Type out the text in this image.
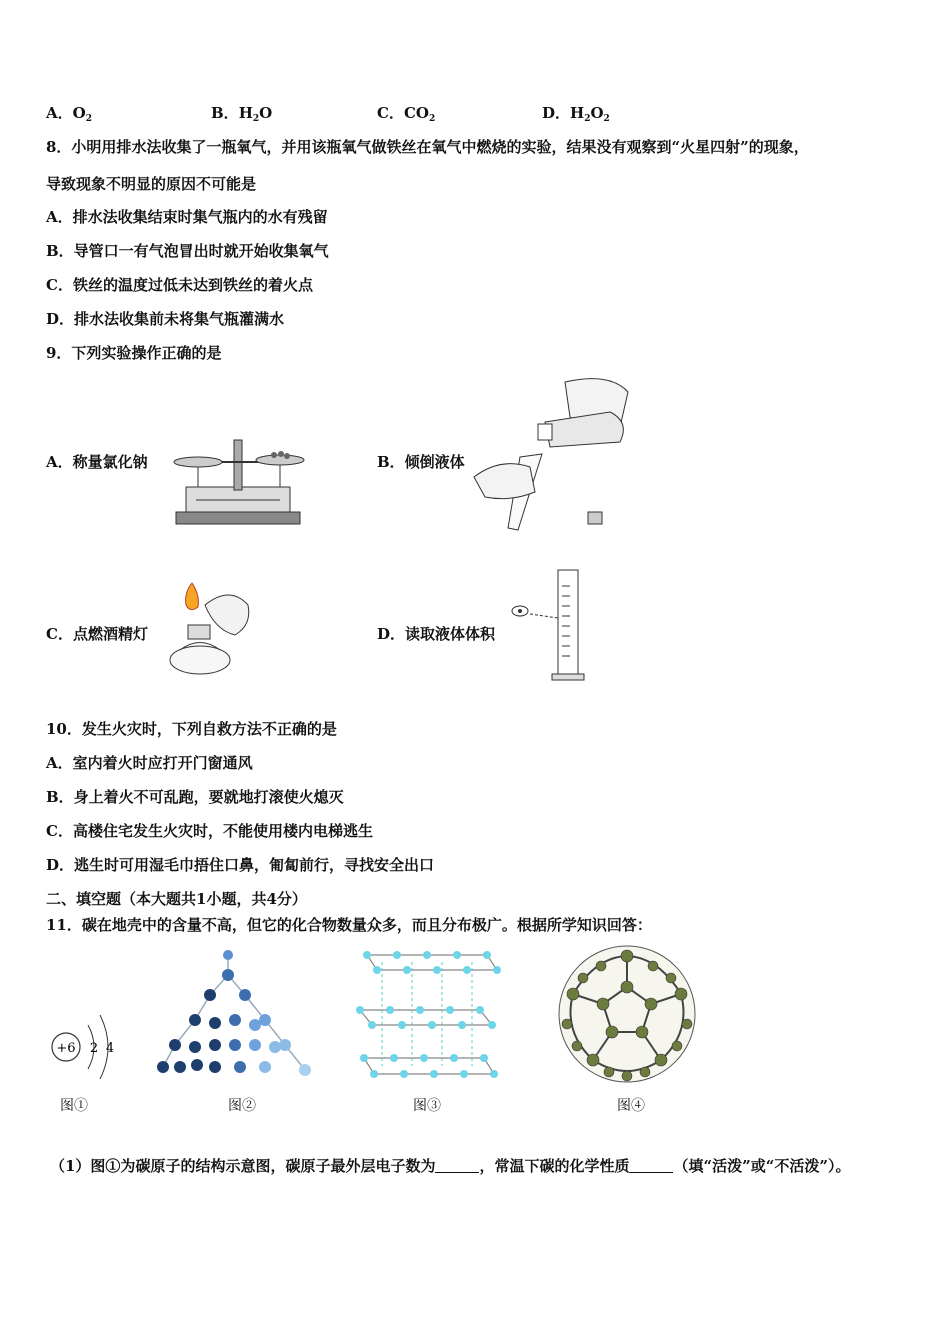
A．$O_2$	B．$H_2O$	C．$CO_2$	D．$H_2O_2$
8．小明用排水法收集了一瓶氧气，并用该瓶氧气做铁丝在氧气中燃烧的实验，结果没有观察到“火星四射”的现象，
导致现象不明显的原因不可能是
A．排水法收集结束时集气瓶内的水有残留
B．导管口一有气泡冒出时就开始收集氧气
C．铁丝的温度过低未达到铁丝的着火点
D．排水法收集前未将集气瓶灌满水
9．下列实验操作正确的是
A．称量氯化钠	B．倾倒液体
C．点燃酒精灯	D．读取液体体积
10．发生火灾时，下列自救方法不正确的是
A．室内着火时应打开门窗通风
B．身上着火不可乱跑，要就地打滚使火熄灭
C．高楼住宅发生火灾时，不能使用楼内电梯逃生
D．逃生时可用湿毛巾捂住口鼻，匍匐前行，寻找安全出口
二、填空题（本大题共1小题，共4分）
11．碳在地壳中的含量不高，但它的化合物数量众多，而且分布极广。根据所学知识回答：
+6 2 4
图①	图②	图③	图④
（1）图①为碳原子的结构示意图，碳原子最外层电子数为	，常温下碳的化学性质	（填“活泼”或“不活泼”）。
